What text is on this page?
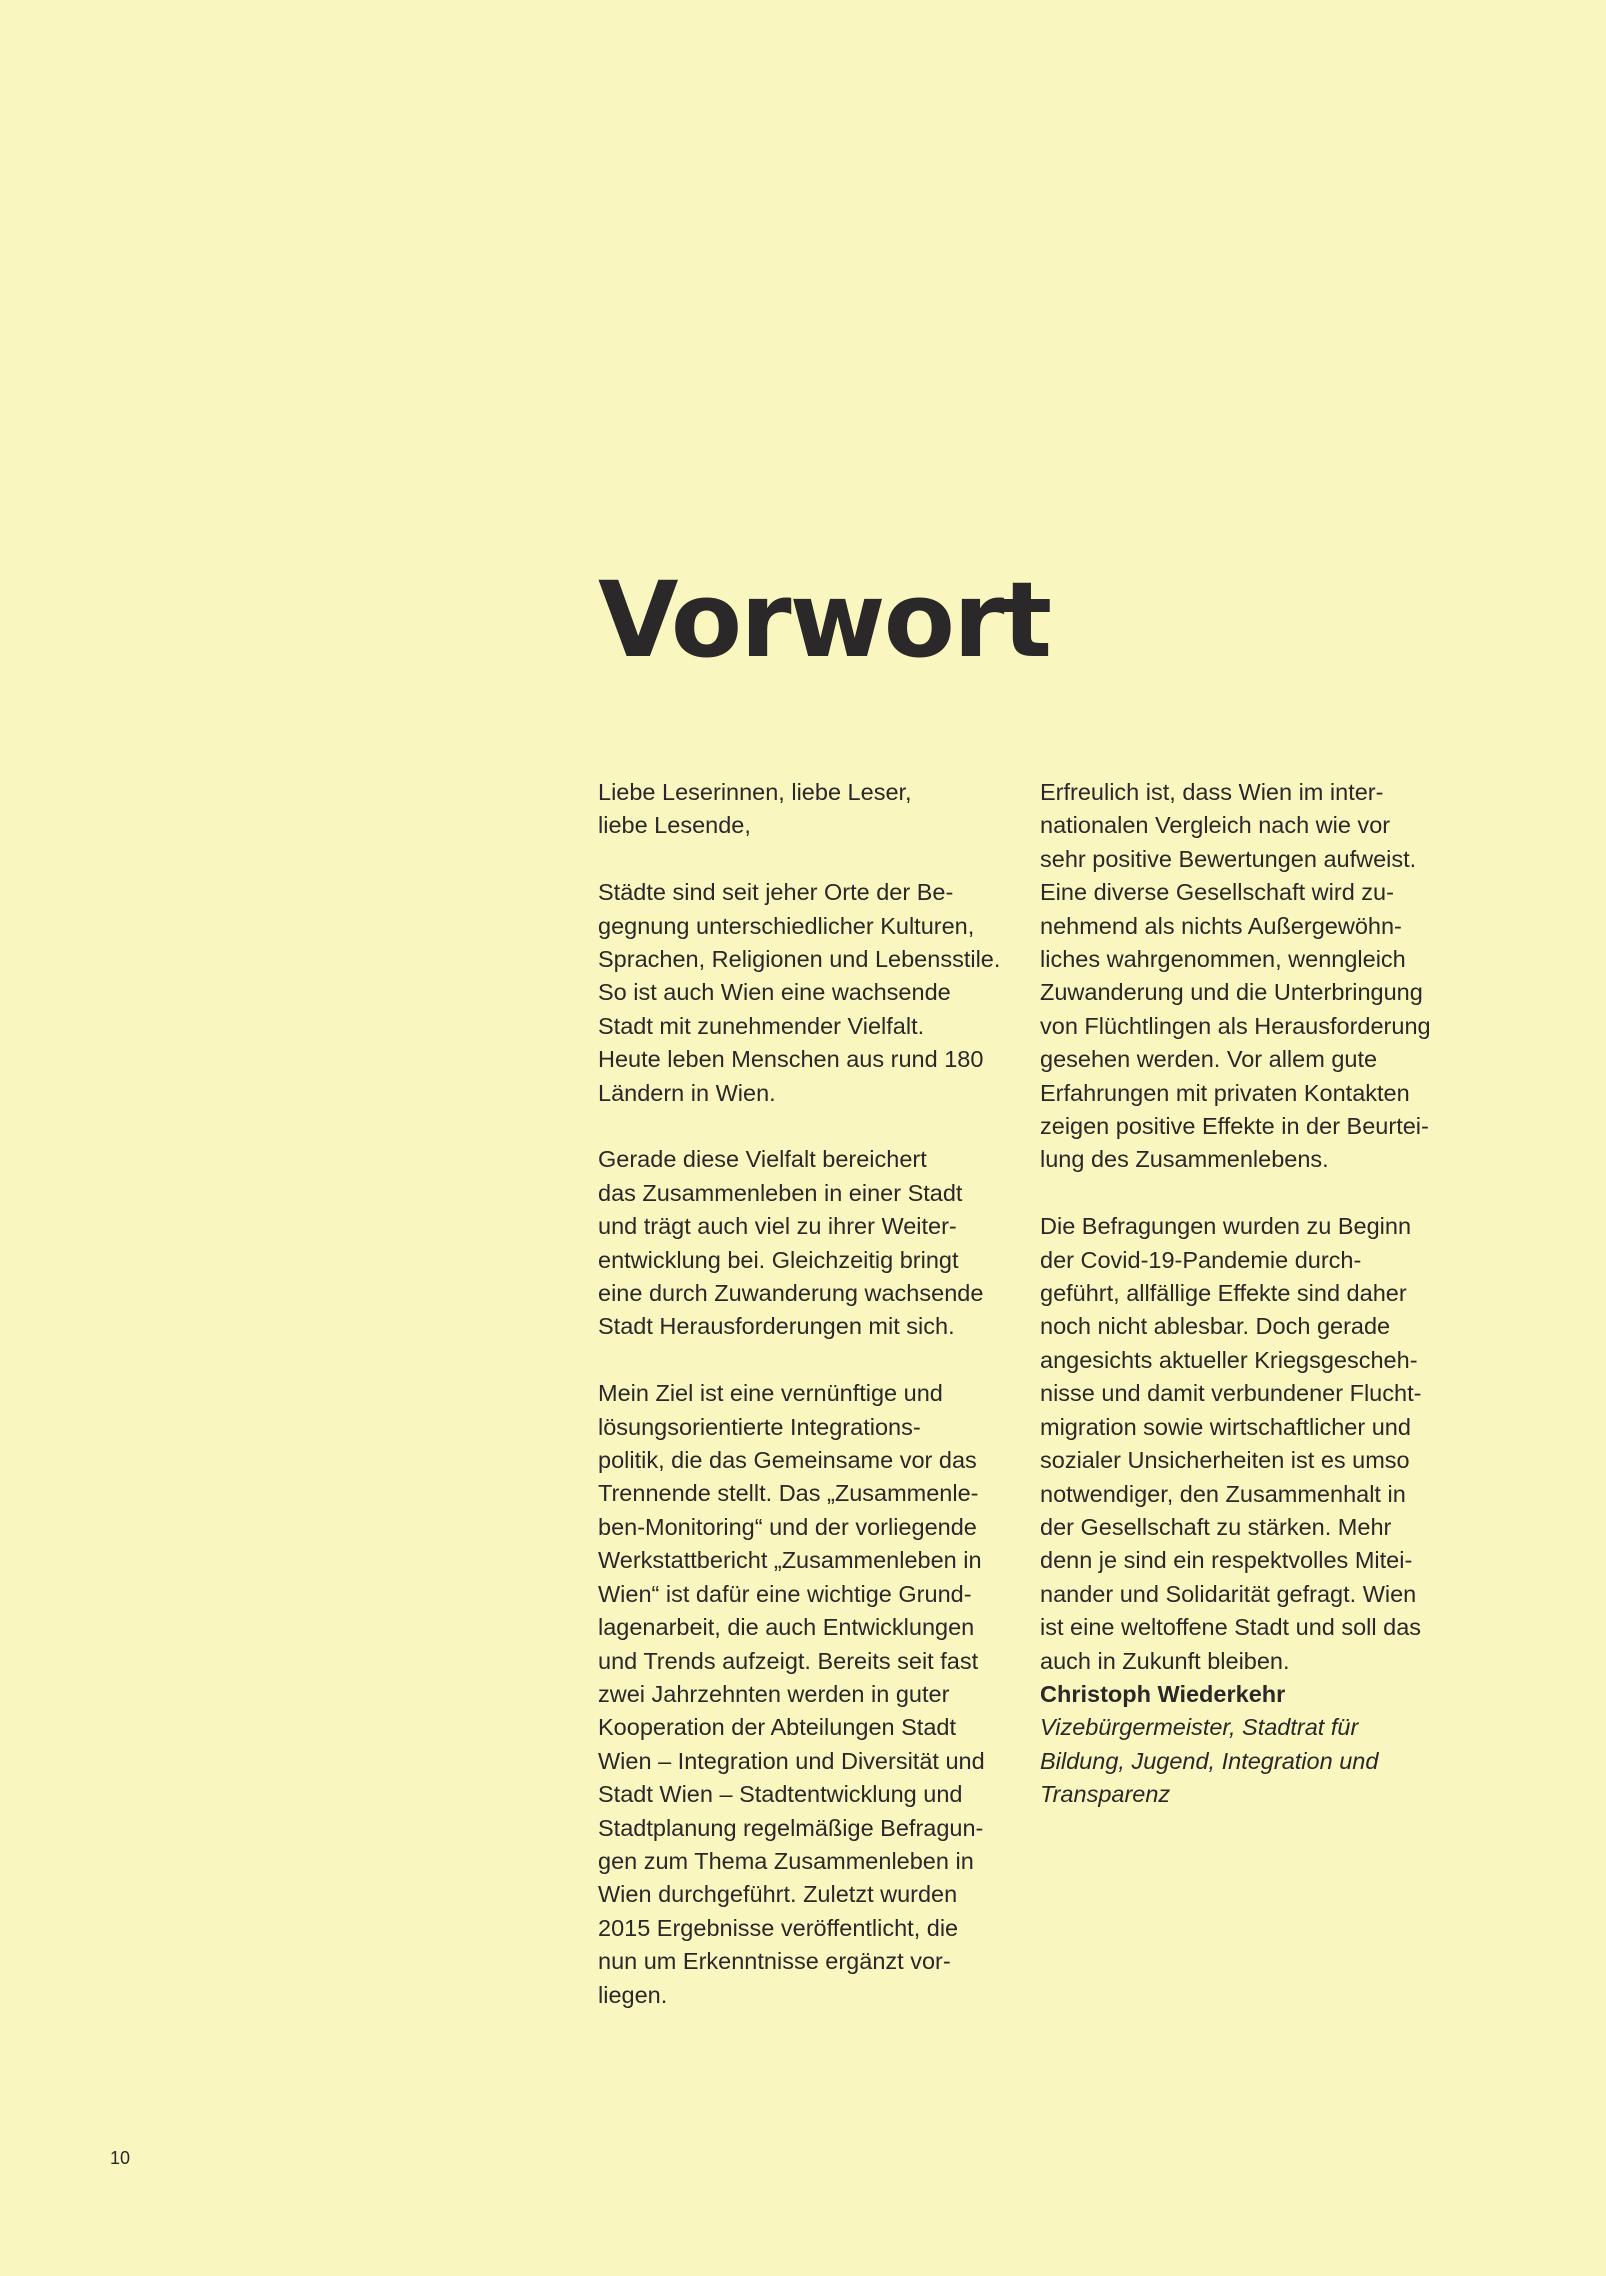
Vorwort
Liebe Leserinnen, liebe Leser,
liebe Lesende,
Städte sind seit jeher Orte der Be-
gegnung unterschiedlicher Kulturen,
Sprachen, Religionen und Lebensstile.
So ist auch Wien eine wachsende
Stadt mit zunehmender Vielfalt.
Heute leben Menschen aus rund 180
Ländern in Wien.
Gerade diese Vielfalt bereichert
das Zusammenleben in einer Stadt
und trägt auch viel zu ihrer Weiter-
entwicklung bei. Gleichzeitig bringt
eine durch Zuwanderung wachsende
Stadt Herausforderungen mit sich.
Mein Ziel ist eine vernünftige und
lösungsorientierte Integrations-
politik, die das Gemeinsame vor das
Trennende stellt. Das „Zusammenle-
ben-Monitoring“ und der vorliegende
Werkstattbericht „Zusammenleben in
Wien“ ist dafür eine wichtige Grund-
lagenarbeit, die auch Entwicklungen
und Trends aufzeigt. Bereits seit fast
zwei Jahrzehnten werden in guter
Kooperation der Abteilungen Stadt
Wien – Integration und Diversität und
Stadt Wien – Stadtentwicklung und
Stadtplanung regelmäßige Befragun-
gen zum Thema Zusammenleben in
Wien durchgeführt. Zuletzt wurden
2015 Ergebnisse veröffentlicht, die
nun um Erkenntnisse ergänzt vor-
liegen.
Erfreulich ist, dass Wien im inter-
nationalen Vergleich nach wie vor
sehr positive Bewertungen aufweist.
Eine diverse Gesellschaft wird zu-
nehmend als nichts Außergewöhn-
liches wahrgenommen, wenngleich
Zuwanderung und die Unterbringung
von Flüchtlingen als Herausforderung
gesehen werden. Vor allem gute
Erfahrungen mit privaten Kontakten
zeigen positive Effekte in der Beurtei-
lung des Zusammenlebens.
Die Befragungen wurden zu Beginn
der Covid-19-Pandemie durch-
geführt, allfällige Effekte sind daher
noch nicht ablesbar. Doch gerade
angesichts aktueller Kriegsgescheh-
nisse und damit verbundener Flucht-
migration sowie wirtschaftlicher und
sozialer Unsicherheiten ist es umso
notwendiger, den Zusammenhalt in
der Gesellschaft zu stärken. Mehr
denn je sind ein respektvolles Mitei-
nander und Solidarität gefragt. Wien
ist eine weltoffene Stadt und soll das
auch in Zukunft bleiben.
Christoph Wiederkehr
Vizebürgermeister, Stadtrat für
Bildung, Jugend, Integration und
Transparenz
10
